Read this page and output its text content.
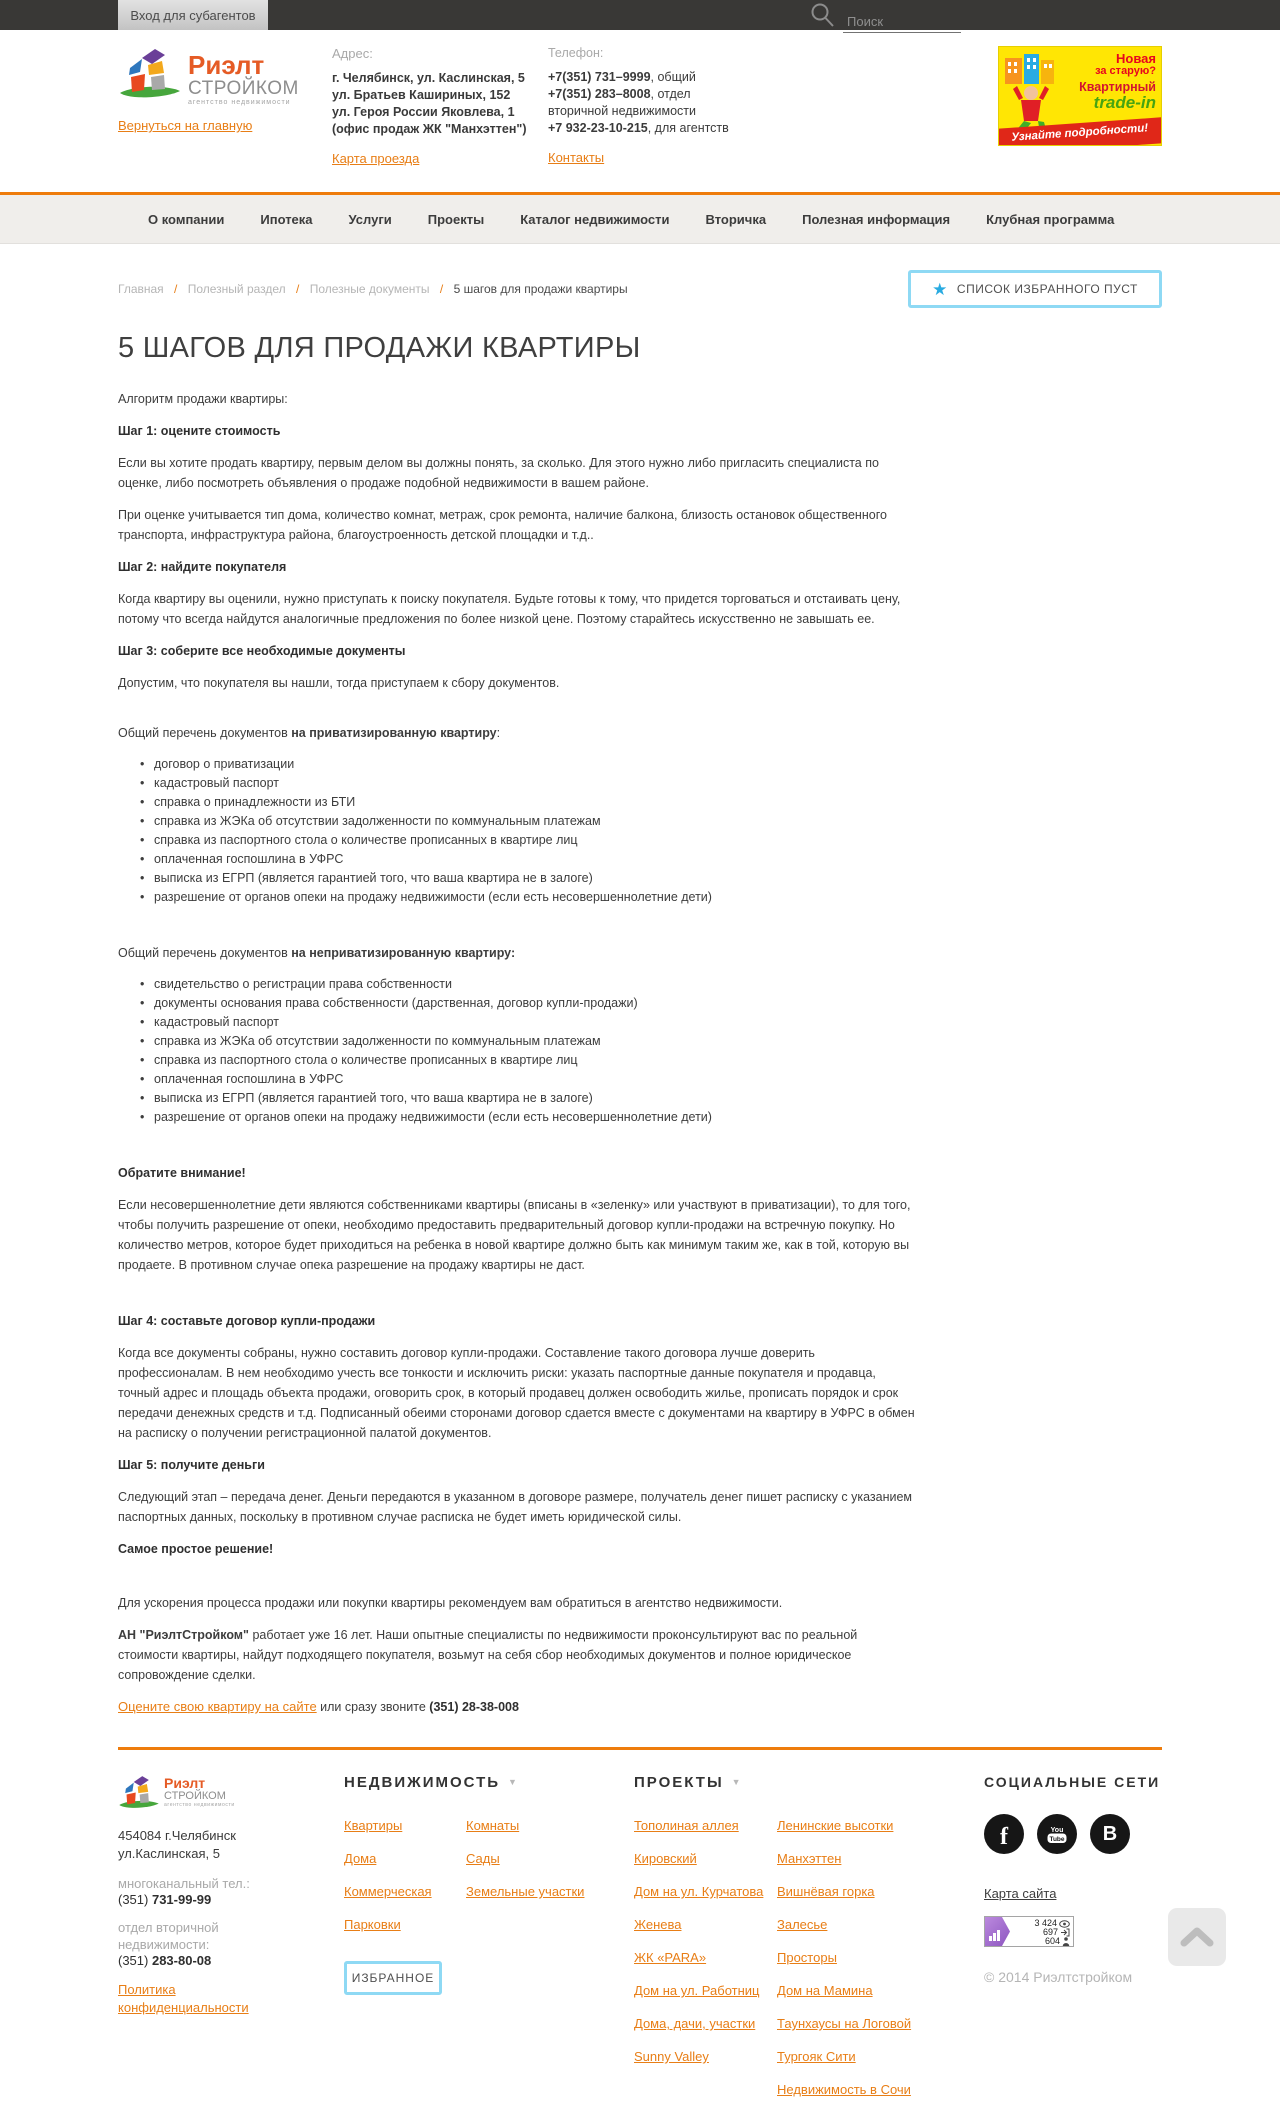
Вход для субагентов
Поиск
Риэлт
СТРОЙКОМ
агентство недвижимости
Вернуться на главную
Адрес:
г. Челябинск, ул. Каслинская, 5
ул. Братьев Кашириных, 152
ул. Героя России Яковлева, 1
(офис продаж ЖК "Манхэттен")
Карта проезда
Телефон:
+7(351) 731–9999, общий
+7(351) 283–8008, отдел
вторичной недвижимости
+7 932-23-10-215, для агентств
Контакты
Новая
за старую?
Квартирный
trade-in
Узнайте подробности!
О компании	Ипотека	Услуги	Проекты	Каталог недвижимости	Вторичка	Полезная информация	Клубная программа
Главная / Полезный раздел / Полезные документы / 5 шагов для продажи квартиры	★ СПИСОК ИЗБРАННОГО ПУСТ
5 ШАГОВ ДЛЯ ПРОДАЖИ КВАРТИРЫ

Алгоритм продажи квартиры:

Шаг 1: оцените стоимость

Если вы хотите продать квартиру, первым делом вы должны понять, за сколько. Для этого нужно либо пригласить специалиста по оценке, либо посмотреть объявления о продаже подобной недвижимости в вашем районе.

При оценке учитывается тип дома, количество комнат, метраж, срок ремонта, наличие балкона, близость остановок общественного транспорта, инфраструктура района, благоустроенность детской площадки и т.д..

Шаг 2: найдите покупателя

Когда квартиру вы оценили, нужно приступать к поиску покупателя. Будьте готовы к тому, что придется торговаться и отстаивать цену, потому что всегда найдутся аналогичные предложения по более низкой цене. Поэтому старайтесь искусственно не завышать ее.

Шаг 3: соберите все необходимые документы

Допустим, что покупателя вы нашли, тогда приступаем к сбору документов.

Общий перечень документов на приватизированную квартиру:

• договор о приватизации
• кадастровый паспорт
• справка о принадлежности из БТИ
• справка из ЖЭКа об отсутствии задолженности по коммунальным платежам
• справка из паспортного стола о количестве прописанных в квартире лиц
• оплаченная госпошлина в УФРС
• выписка из ЕГРП (является гарантией того, что ваша квартира не в залоге)
• разрешение от органов опеки на продажу недвижимости (если есть несовершеннолетние дети)

Общий перечень документов на неприватизированную квартиру:

• свидетельство о регистрации права собственности
• документы основания права собственности (дарственная, договор купли-продажи)
• кадастровый паспорт
• справка из ЖЭКа об отсутствии задолженности по коммунальным платежам
• справка из паспортного стола о количестве прописанных в квартире лиц
• оплаченная госпошлина в УФРС
• выписка из ЕГРП (является гарантией того, что ваша квартира не в залоге)
• разрешение от органов опеки на продажу недвижимости (если есть несовершеннолетние дети)

Обратите внимание!

Если несовершеннолетние дети являются собственниками квартиры (вписаны в «зеленку» или участвуют в приватизации), то для того, чтобы получить разрешение от опеки, необходимо предоставить предварительный договор купли-продажи на встречную покупку. Но количество метров, которое будет приходиться на ребенка в новой квартире должно быть как минимум таким же, как в той, которую вы продаете. В противном случае опека разрешение на продажу квартиры не даст.

Шаг 4: составьте договор купли-продажи

Когда все документы собраны, нужно составить договор купли-продажи. Составление такого договора лучше доверить профессионалам. В нем необходимо учесть все тонкости и исключить риски: указать паспортные данные покупателя и продавца, точный адрес и площадь объекта продажи, оговорить срок, в который продавец должен освободить жилье, прописать порядок и срок передачи денежных средств и т.д. Подписанный обеими сторонами договор сдается вместе с документами на квартиру в УФРС в обмен на расписку о получении регистрационной палатой документов.

Шаг 5: получите деньги

Следующий этап – передача денег. Деньги передаются в указанном в договоре размере, получатель денег пишет расписку с указанием паспортных данных, поскольку в противном случае расписка не будет иметь юридической силы.

Самое простое решение!

Для ускорения процесса продажи или покупки квартиры рекомендуем вам обратиться в агентство недвижимости.

АН "РиэлтСтройком" работает уже 16 лет. Наши опытные специалисты по недвижимости проконсультируют вас по реальной стоимости квартиры, найдут подходящего покупателя, возьмут на себя сбор необходимых документов и полное юридическое сопровождение сделки.

Оцените свою квартиру на сайте или сразу звоните (351) 28-38-008

Риэлт
СТРОЙКОМ
агентство недвижимости
454084 г.Челябинск
ул.Каслинская, 5
многоканальный тел.:
(351) 731-99-99
отдел вторичной
недвижимости:
(351) 283-80-08
Политика конфиденциальности
НЕДВИЖИМОСТЬ ▼
Квартиры
Дома
Коммерческая
Парковки
Комнаты
Сады
Земельные участки
ИЗБРАННОЕ
ПРОЕКТЫ ▼
Тополиная аллея
Кировский
Дом на ул. Курчатова
Женева
ЖК «PARA»
Дом на ул. Работниц
Дома, дачи, участки
Sunny Valley
Ленинские высотки
Манхэттен
Вишнёвая горка
Залесье
Просторы
Дом на Мамина
Таунхаусы на Логовой
Тургояк Сити
Недвижимость в Сочи
СОЦИАЛЬНЫЕ СЕТИ
f	You
Tube B
Карта сайта
3 424
697
604
© 2014 Риэлтстройком
